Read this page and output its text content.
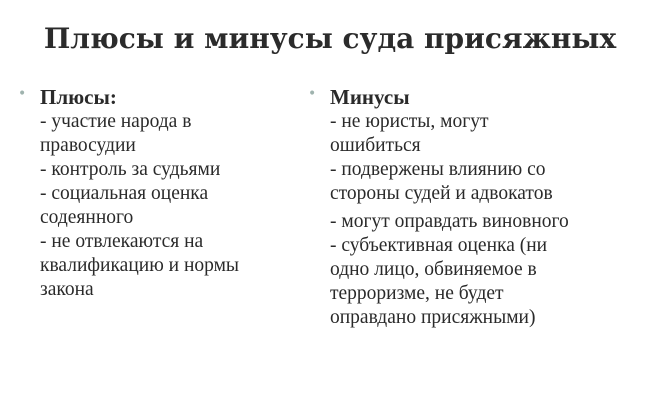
Плюсы и минусы суда присяжных
• Плюсы:
- участие народа в
правосудии
- контроль за судьями
- социальная оценка
содеянного
- не отвлекаются на
квалификацию и нормы
закона
• Минусы
- не юристы, могут
ошибиться
- подвержены влиянию со
стороны судей и адвокатов
- могут оправдать виновного
- субъективная оценка (ни
одно лицо, обвиняемое в
терроризме, не будет
оправдано присяжными)
